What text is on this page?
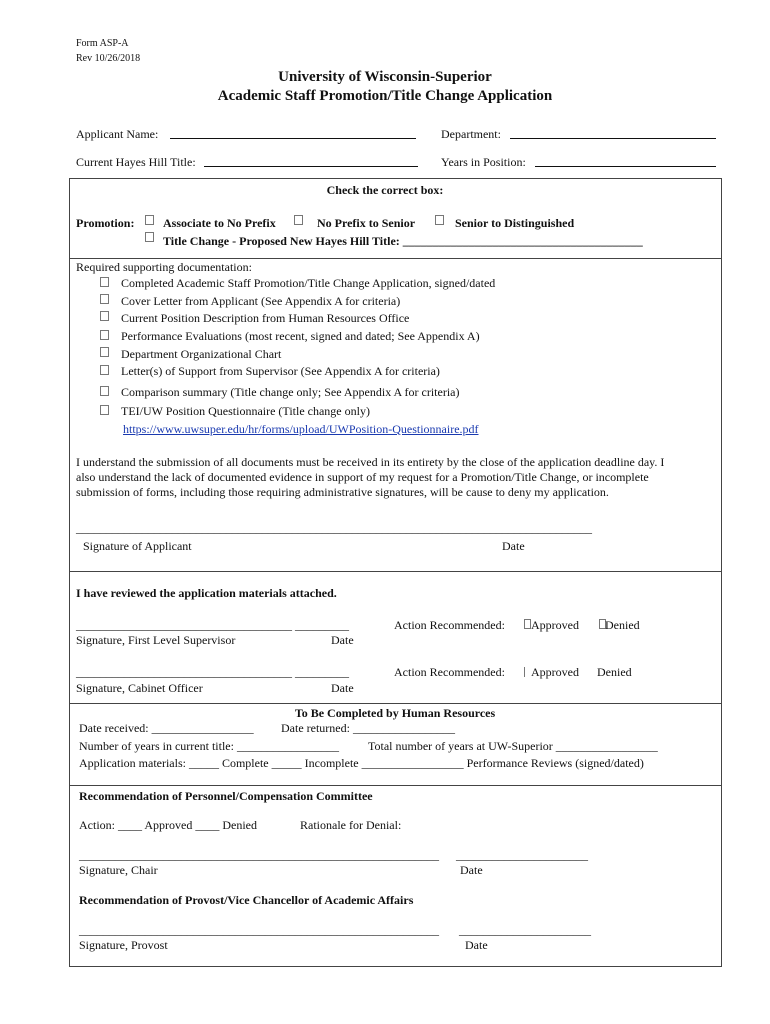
Form ASP-A
Rev 10/26/2018
University of Wisconsin-Superior
Academic Staff Promotion/Title Change Application
Applicant Name:	Department:
Current Hayes Hill Title:	Years in Position:
Check the correct box:
Promotion: Associate to No Prefix	No Prefix to Senior	Senior to Distinguished
Title Change - Proposed New Hayes Hill Title: ________________________________________
Required supporting documentation:
Completed Academic Staff Promotion/Title Change Application, signed/dated
Cover Letter from Applicant (See Appendix A for criteria)
Current Position Description from Human Resources Office
Performance Evaluations (most recent, signed and dated; See Appendix A)
Department Organizational Chart
Letter(s) of Support from Supervisor (See Appendix A for criteria)
Comparison summary (Title change only; See Appendix A for criteria)
TEI/UW Position Questionnaire (Title change only)
https://www.uwsuper.edu/hr/forms/upload/UWPosition-Questionnaire.pdf
I understand the submission of all documents must be received in its entirety by the close of the application deadline day. I
also understand the lack of documented evidence in support of my request for a Promotion/Title Change, or incomplete
submission of forms, including those requiring administrative signatures, will be cause to deny my application.
______________________________________________________________________________________
Signature of Applicant	Date
I have reviewed the application materials attached.
____________________________________ _________	Action Recommended: Approved Denied
Signature, First Level Supervisor	Date
____________________________________ _________	Action Recommended: Approved Denied
Signature, Cabinet Officer	Date
To Be Completed by Human Resources
Date received: _________________ Date returned: _________________
Number of years in current title: _________________ Total number of years at UW-Superior _________________
Application materials: _____ Complete _____ Incomplete _________________ Performance Reviews (signed/dated)
Recommendation of Personnel/Compensation Committee
Action: ____ Approved ____ Denied	Rationale for Denial:
____________________________________________________________ ______________________
Signature, Chair	Date
Recommendation of Provost/Vice Chancellor of Academic Affairs
____________________________________________________________ ______________________
Signature, Provost	Date
